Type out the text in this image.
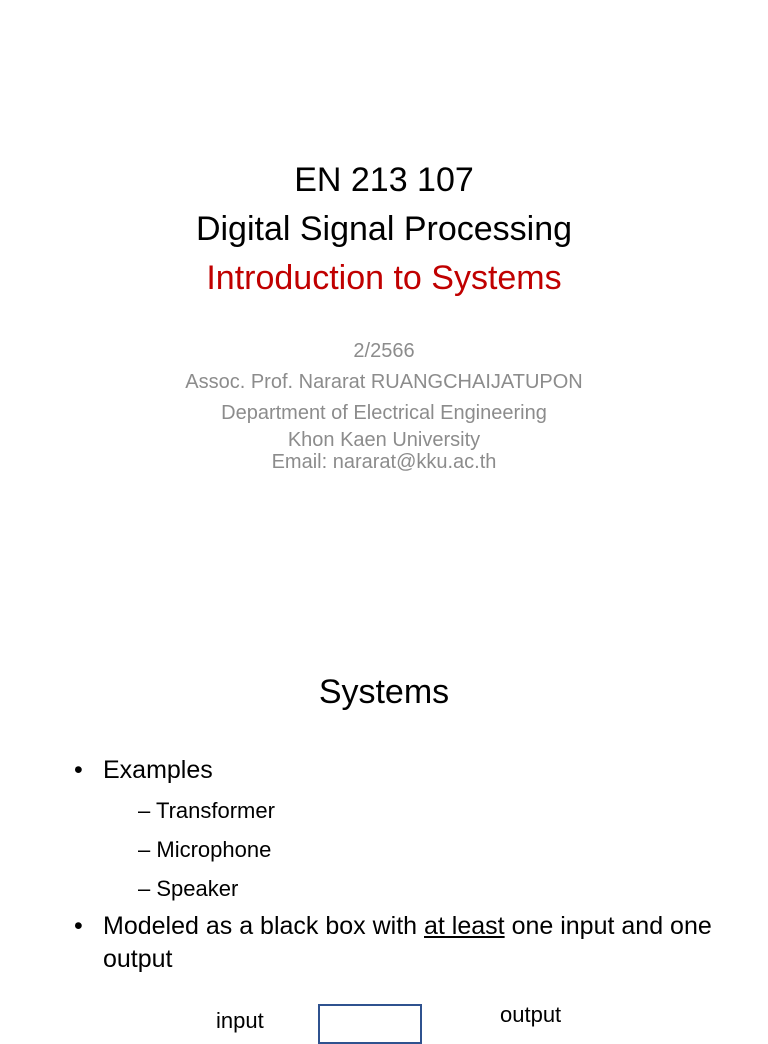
EN 213 107
Digital Signal Processing
Introduction to Systems
2/2566
Assoc. Prof. Nararat RUANGCHAIJATUPON
Department of Electrical Engineering
Khon Kaen University
Email: nararat@kku.ac.th
Systems
• Examples
– Transformer
– Microphone
– Speaker
• Modeled as a black box with at least one input and one output
input	output
